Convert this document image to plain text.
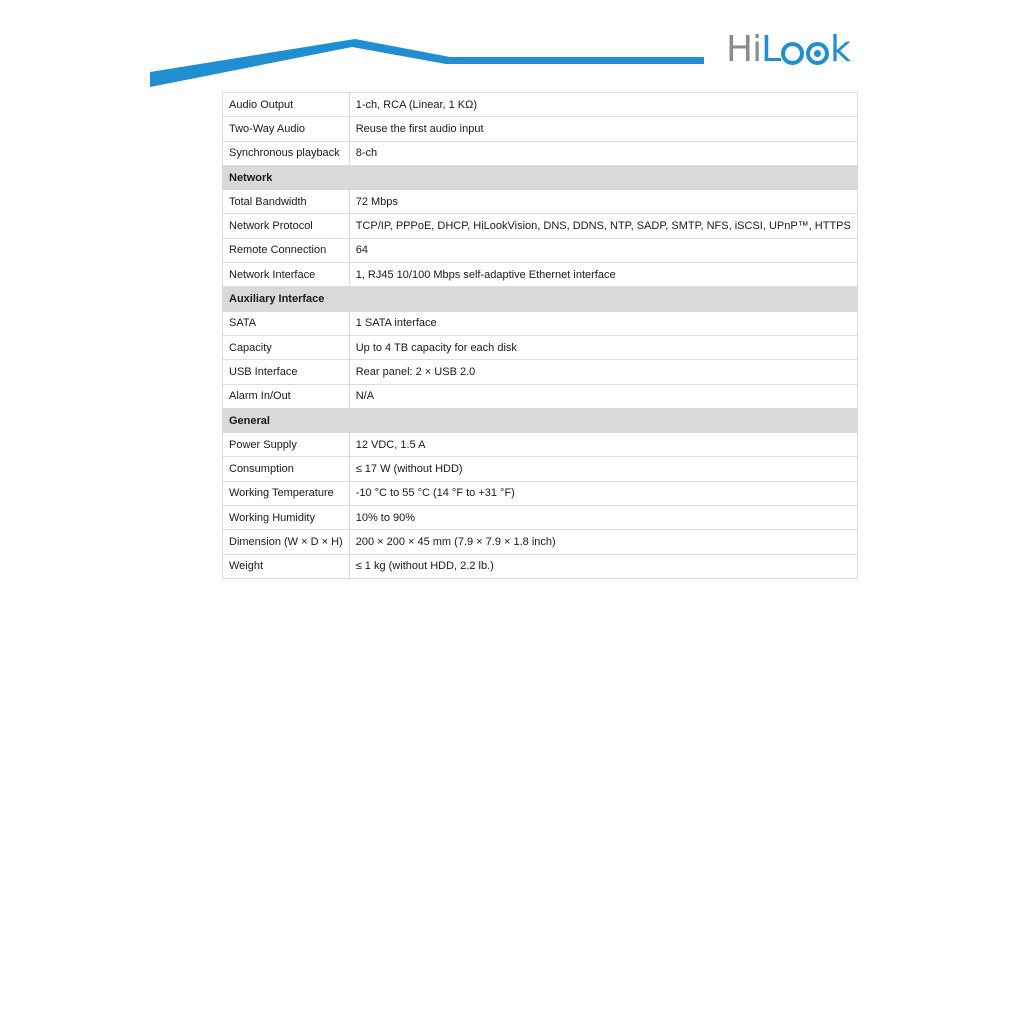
Hi L k
Audio Output	1-ch, RCA (Linear, 1 KΩ)
Two-Way Audio	Reuse the first audio input
Synchronous playback	8-ch
Network	
Total Bandwidth	72 Mbps
Network Protocol	TCP/IP, PPPoE, DHCP, HiLookVision, DNS, DDNS, NTP, SADP, SMTP, NFS, iSCSI, UPnP™, HTTPS
Remote Connection	64
Network Interface	1, RJ45 10/100 Mbps self-adaptive Ethernet interface
Auxiliary Interface	
SATA	1 SATA interface
Capacity	Up to 4 TB capacity for each disk
USB Interface	Rear panel: 2 × USB 2.0
Alarm In/Out	N/A
General	
Power Supply	12 VDC, 1.5 A
Consumption	≤ 17 W (without HDD)
Working Temperature	-10 °C to 55 °C (14 °F to +31 °F)
Working Humidity	10% to 90%
Dimension (W × D × H)	200 × 200 × 45 mm (7.9 × 7.9 × 1.8 inch)
Weight	≤ 1 kg (without HDD, 2.2 lb.)
